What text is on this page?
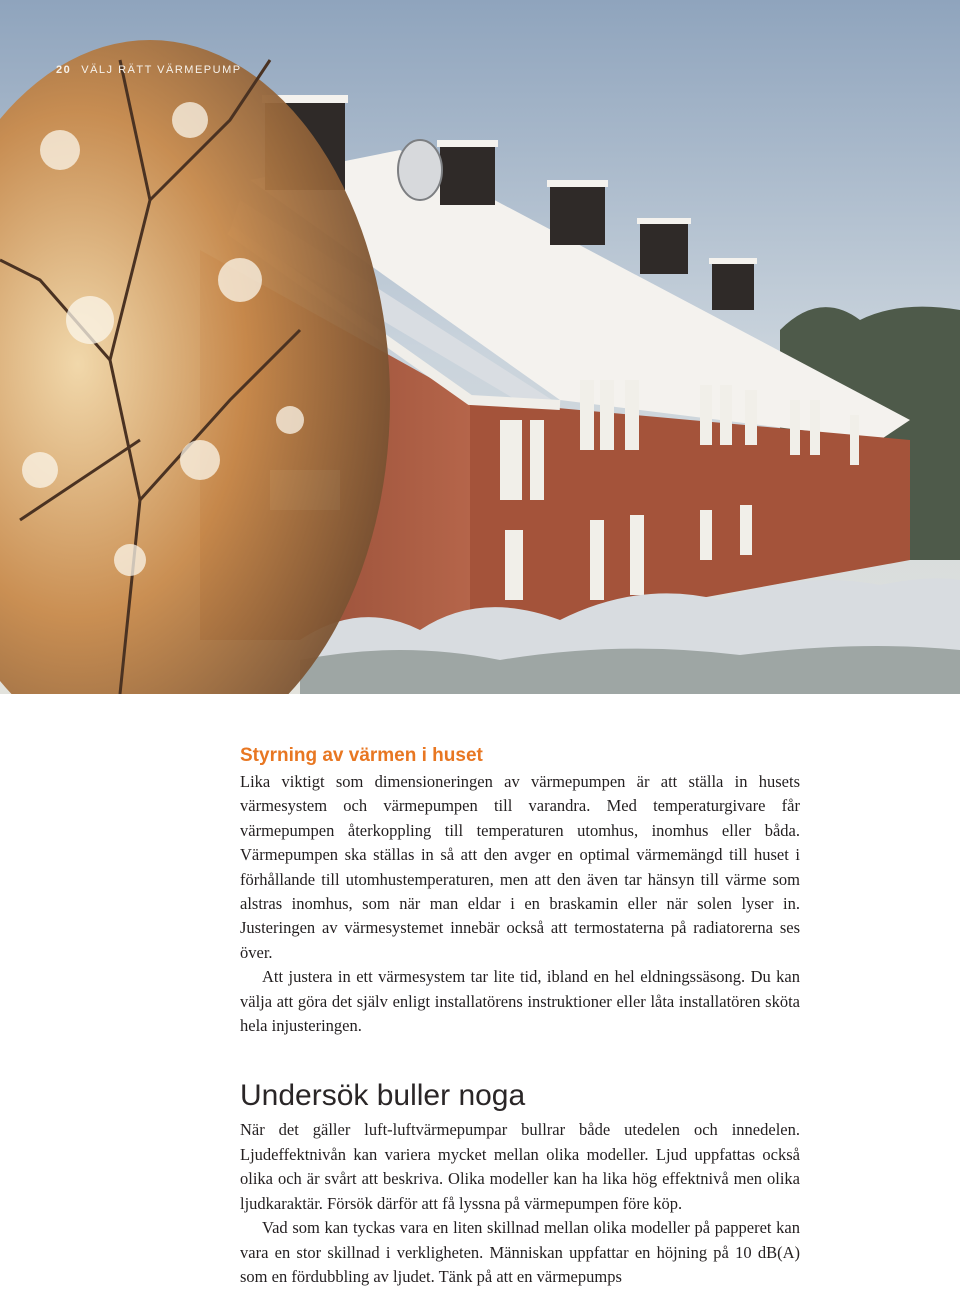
20 VÄLJ RÄTT VÄRMEPUMP
Styrning av värmen i huset

Lika viktigt som dimensioneringen av värmepumpen är att ställa in husets värmesystem och värmepumpen till varandra. Med temperaturgivare får värmepumpen återkoppling till temperaturen utomhus, inomhus eller båda. Värmepumpen ska ställas in så att den avger en optimal värmemängd till huset i förhållande till utomhustemperaturen, men att den även tar hänsyn till värme som alstras inomhus, som när man eldar i en braskamin eller när solen lyser in. Justeringen av värmesystemet innebär också att termostaterna på radiatorerna ses över.

Att justera in ett värmesystem tar lite tid, ibland en hel eldningssäsong. Du kan välja att göra det själv enligt installatörens instruktioner eller låta installatören sköta hela injusteringen.

Undersök buller noga

När det gäller luft-luftvärmepumpar bullrar både utedelen och innedelen. Ljudeffektnivån kan variera mycket mellan olika modeller. Ljud uppfattas också olika och är svårt att beskriva. Olika modeller kan ha lika hög effektnivå men olika ljudkaraktär. Försök därför att få lyssna på värmepumpen före köp.

Vad som kan tyckas vara en liten skillnad mellan olika modeller på papperet kan vara en stor skillnad i verkligheten. Människan uppfattar en höjning på 10 dB(A) som en fördubbling av ljudet. Tänk på att en värmepumps
